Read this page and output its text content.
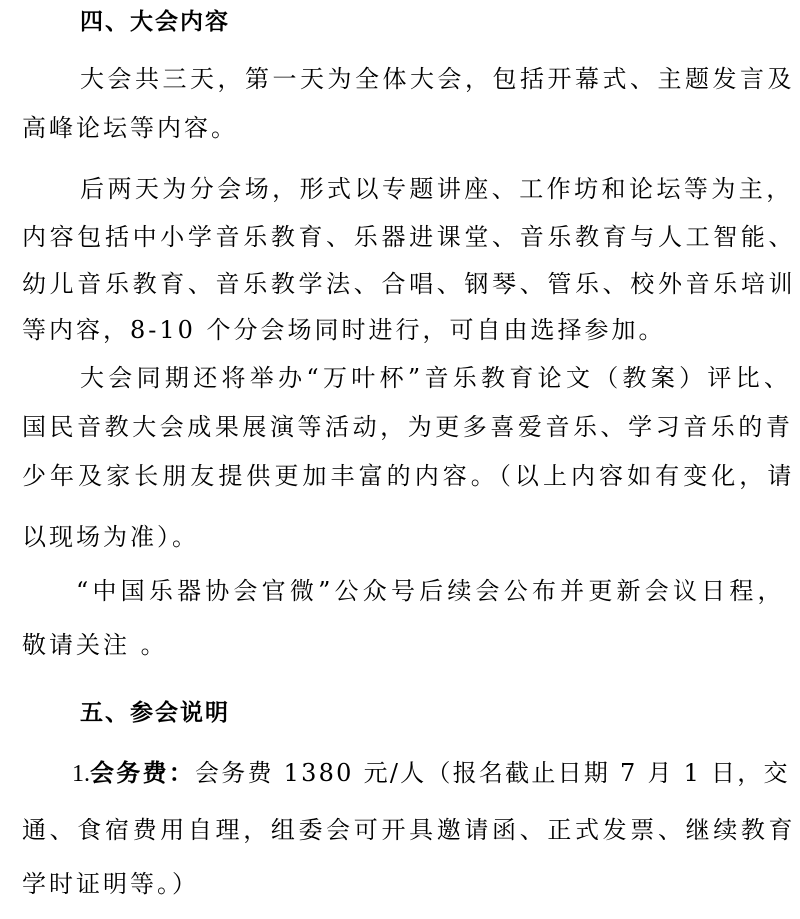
四、大会内容
大会共三天，第一天为全体大会，包括开幕式、主题发言及
高峰论坛等内容。
后两天为分会场，形式以专题讲座、工作坊和论坛等为主，
内容包括中小学音乐教育、乐器进课堂、音乐教育与人工智能、
幼儿音乐教育、音乐教学法、合唱、钢琴、管乐、校外音乐培训
等内容，8-10 个分会场同时进行，可自由选择参加。
大会同期还将举办“万叶杯”音乐教育论文（教案）评比、
国民音教大会成果展演等活动，为更多喜爱音乐、学习音乐的青
少年及家长朋友提供更加丰富的内容。（以上内容如有变化，请
以现场为准）。
“中国乐器协会官微”公众号后续会公布并更新会议日程，
敬请关注 。
五、参会说明
1.会务费：会务费 1380 元/人（报名截止日期 7 月 1 日，交
通、食宿费用自理，组委会可开具邀请函、正式发票、继续教育
学时证明等。）
